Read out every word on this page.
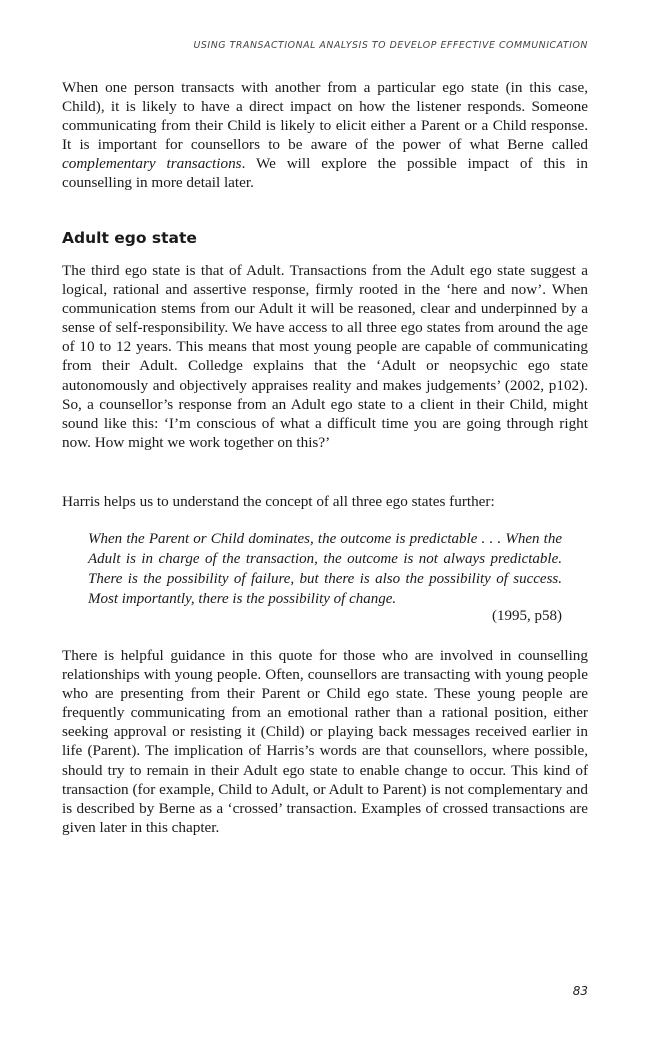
USING TRANSACTIONAL ANALYSIS TO DEVELOP EFFECTIVE COMMUNICATION

When one person transacts with another from a particular ego state (in this case, Child), it is likely to have a direct impact on how the listener responds. Someone communicating from their Child is likely to elicit either a Parent or a Child response. It is important for counsellors to be aware of the power of what Berne called complementary transactions. We will explore the possible impact of this in counselling in more detail later.

Adult ego state

The third ego state is that of Adult. Transactions from the Adult ego state suggest a logical, rational and assertive response, firmly rooted in the ‘here and now’. When communication stems from our Adult it will be reasoned, clear and underpinned by a sense of self-responsibility. We have access to all three ego states from around the age of 10 to 12 years. This means that most young people are capable of communicating from their Adult. Colledge explains that the ‘Adult or neopsychic ego state autonomously and objectively appraises reality and makes judgements’ (2002, p102). So, a counsellor’s response from an Adult ego state to a client in their Child, might sound like this: ‘I’m conscious of what a difficult time you are going through right now. How might we work together on this?’

Harris helps us to understand the concept of all three ego states further:

When the Parent or Child dominates, the outcome is predictable . . . When the Adult is in charge of the transaction, the outcome is not always predictable. There is the possibility of failure, but there is also the possibility of success. Most importantly, there is the possibility of change.

(1995, p58)

There is helpful guidance in this quote for those who are involved in counselling relationships with young people. Often, counsellors are transacting with young people who are presenting from their Parent or Child ego state. These young people are frequently communicating from an emotional rather than a rational position, either seeking approval or resisting it (Child) or playing back messages received earlier in life (Parent). The implication of Harris’s words are that counsellors, where possible, should try to remain in their Adult ego state to enable change to occur. This kind of transaction (for example, Child to Adult, or Adult to Parent) is not complementary and is described by Berne as a ‘crossed’ transaction. Examples of crossed transactions are given later in this chapter.

83
